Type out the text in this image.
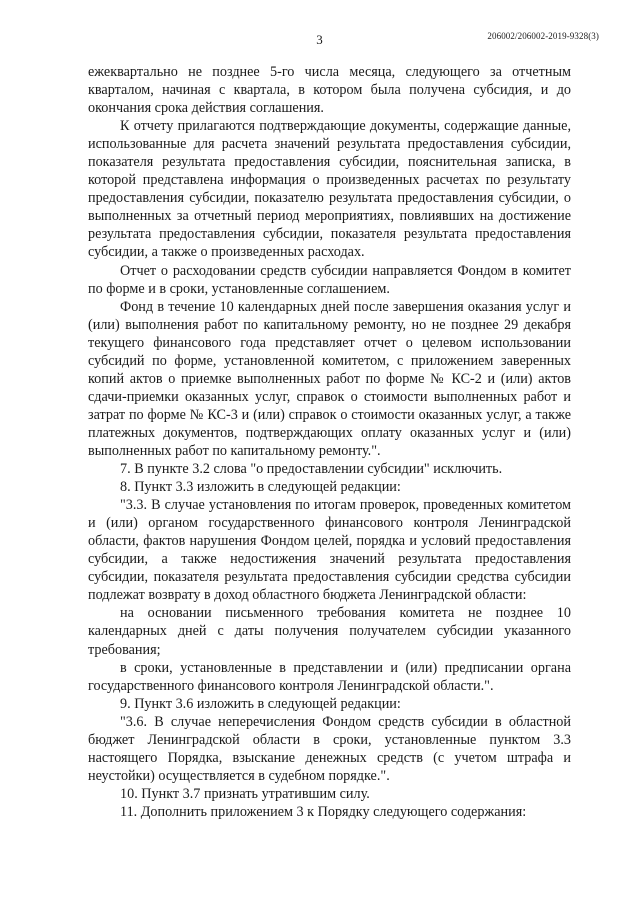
3	206002/206002-2019-9328(3)

ежеквартально не позднее 5-го числа месяца, следующего за отчетным кварталом, начиная с квартала, в котором была получена субсидия, и до окончания срока действия соглашения.

К отчету прилагаются подтверждающие документы, содержащие данные, использованные для расчета значений результата предоставления субсидии, показателя результата предоставления субсидии, пояснительная записка, в которой представлена информация о произведенных расчетах по результату предоставления субсидии, показателю результата предоставления субсидии, о выполненных за отчетный период мероприятиях, повлиявших на достижение результата предоставления субсидии, показателя результата предоставления субсидии, а также о произведенных расходах.

Отчет о расходовании средств субсидии направляется Фондом в комитет по форме и в сроки, установленные соглашением.

Фонд в течение 10 календарных дней после завершения оказания услуг и (или) выполнения работ по капитальному ремонту, но не позднее 29 декабря текущего финансового года представляет отчет о целевом использовании субсидий по форме, установленной комитетом, с приложением заверенных копий актов о приемке выполненных работ по форме № КС-2 и (или) актов сдачи-приемки оказанных услуг, справок о стоимости выполненных работ и затрат по форме № КС-3 и (или) справок о стоимости оказанных услуг, а также платежных документов, подтверждающих оплату оказанных услуг и (или) выполненных работ по капитальному ремонту.".

7. В пункте 3.2 слова "о предоставлении субсидии" исключить.

8. Пункт 3.3 изложить в следующей редакции:

"3.3. В случае установления по итогам проверок, проведенных комитетом и (или) органом государственного финансового контроля Ленинградской области, фактов нарушения Фондом целей, порядка и условий предоставления субсидии, а также недостижения значений результата предоставления субсидии, показателя результата предоставления субсидии средства субсидии подлежат возврату в доход областного бюджета Ленинградской области:

на основании письменного требования комитета не позднее 10 календарных дней с даты получения получателем субсидии указанного требования;

в сроки, установленные в представлении и (или) предписании органа государственного финансового контроля Ленинградской области.".

9. Пункт 3.6 изложить в следующей редакции:

"3.6. В случае неперечисления Фондом средств субсидии в областной бюджет Ленинградской области в сроки, установленные пунктом 3.3 настоящего Порядка, взыскание денежных средств (с учетом штрафа и неустойки) осуществляется в судебном порядке.".

10. Пункт 3.7 признать утратившим силу.

11. Дополнить приложением 3 к Порядку следующего содержания:
